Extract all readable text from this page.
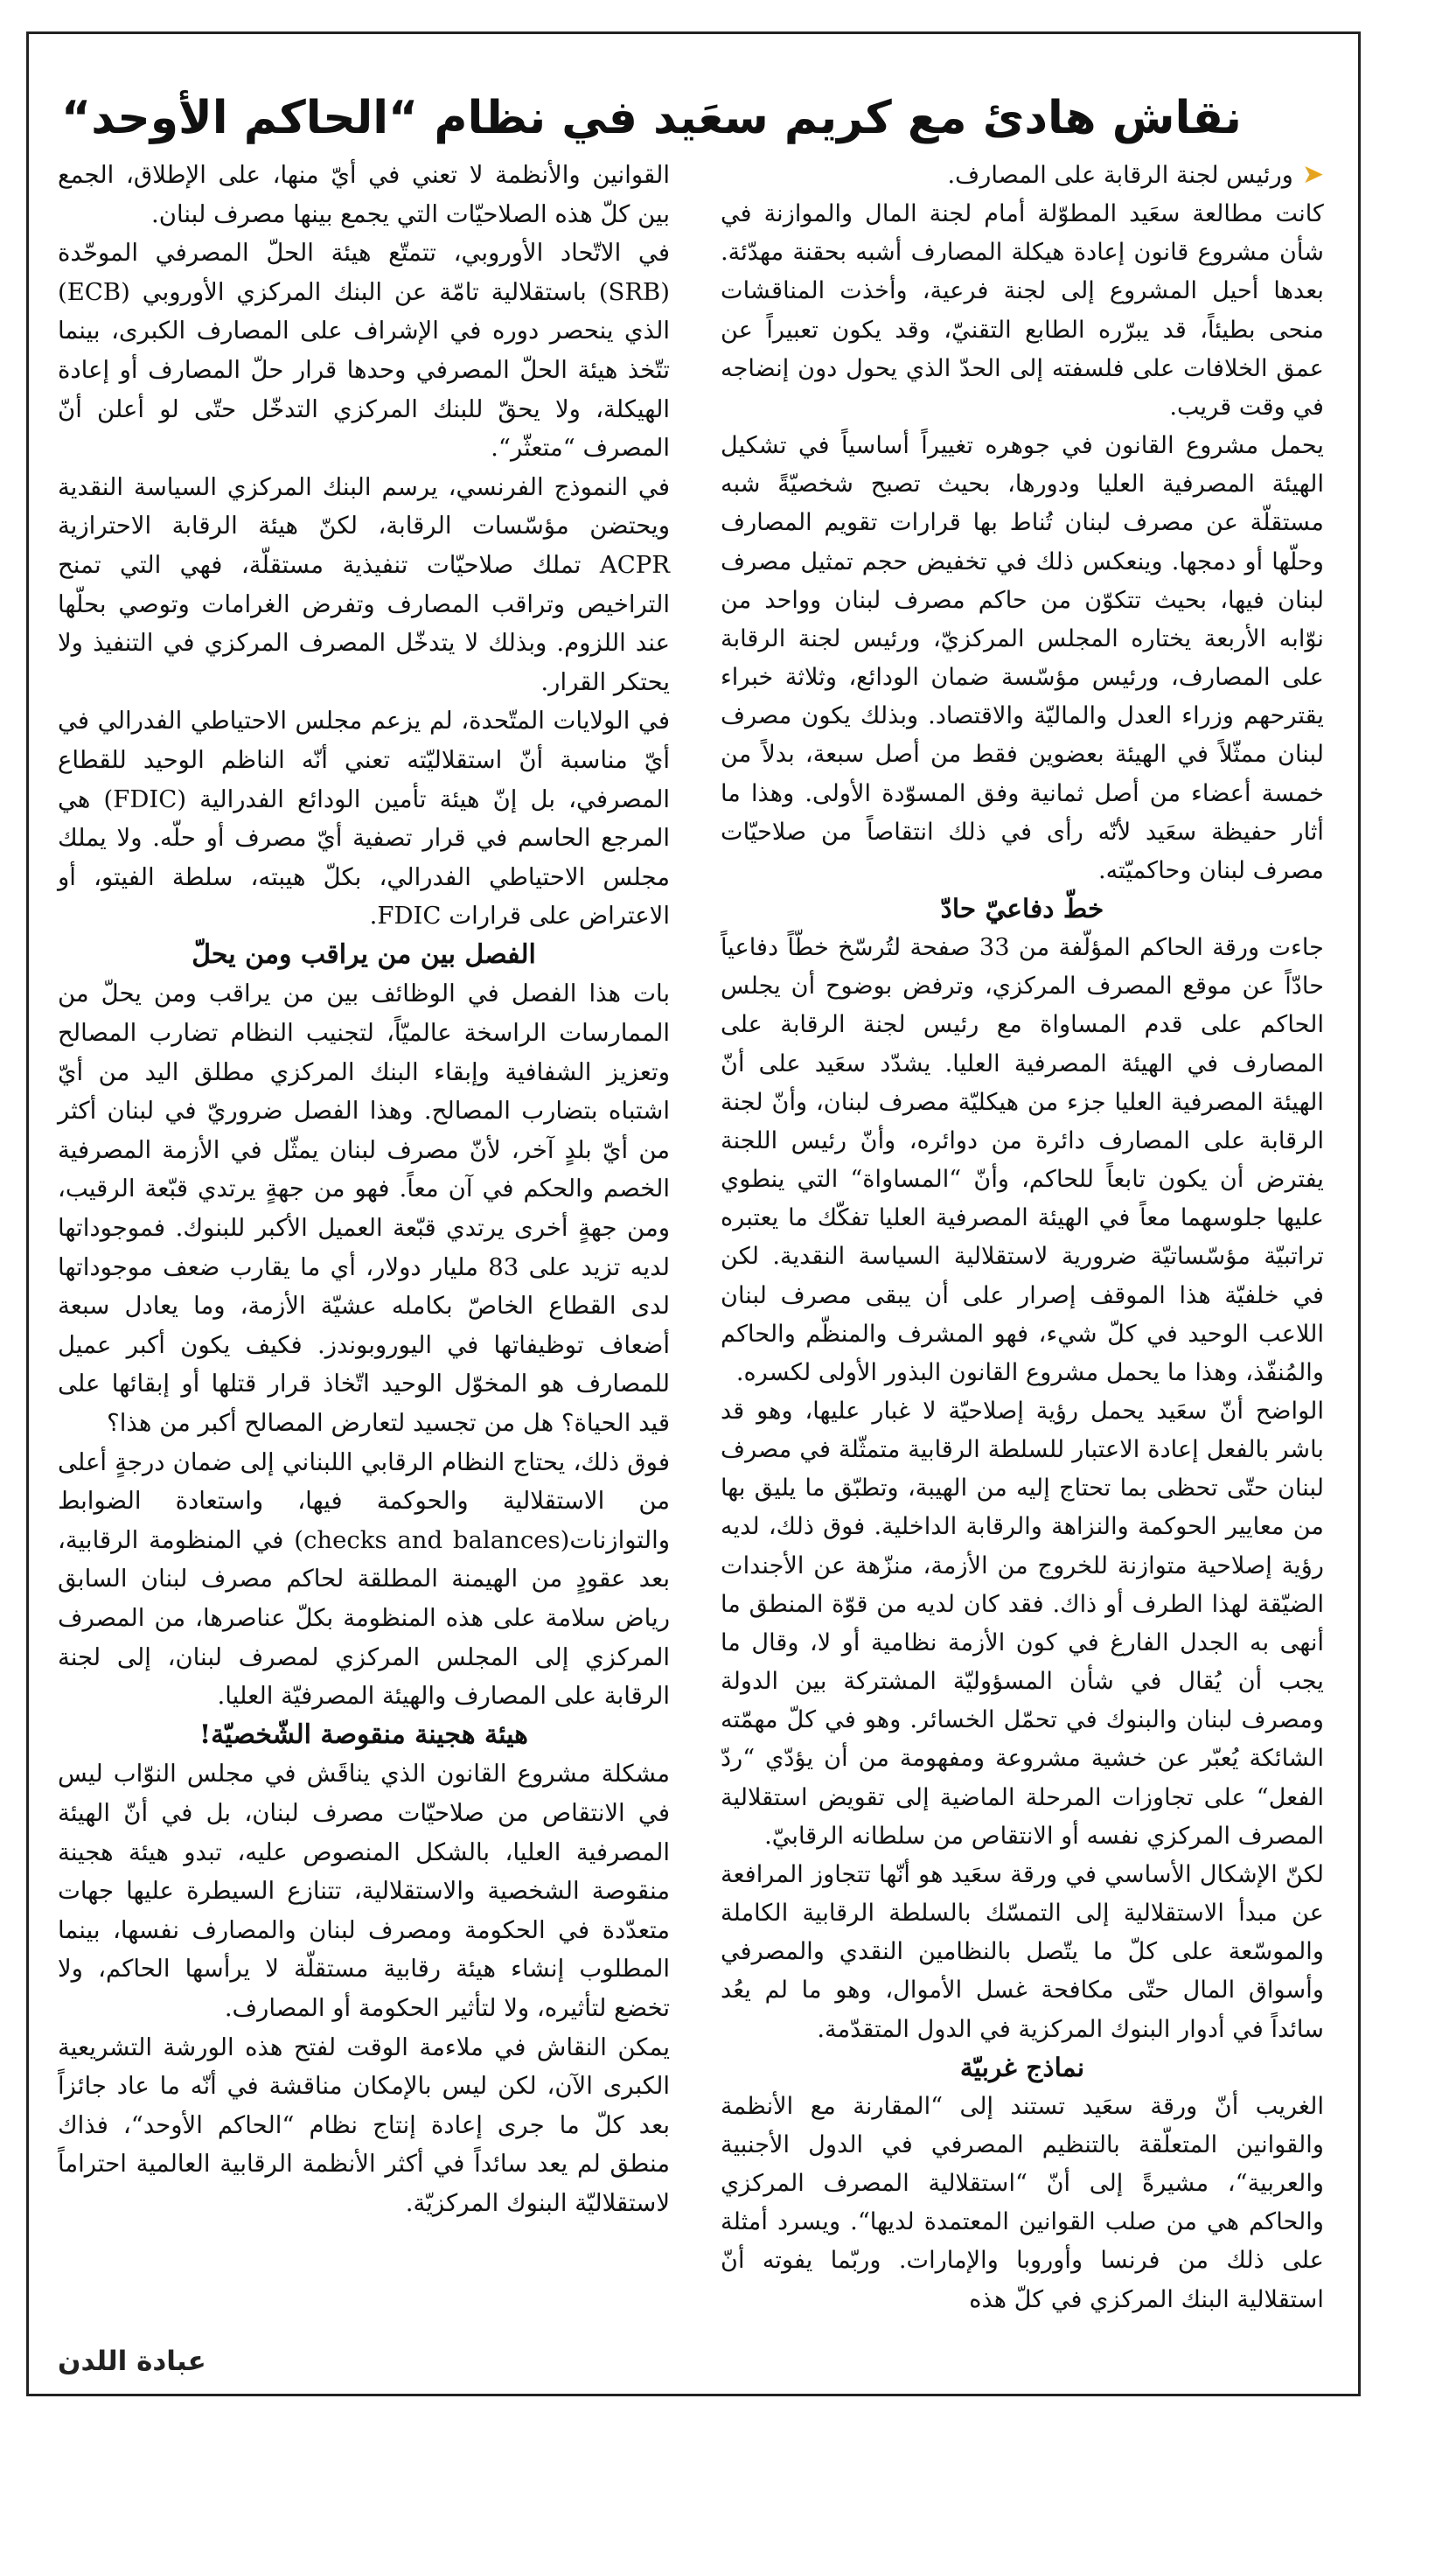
نقاش هادئ مع كريم سعَيد في نظام “الحاكم الأوحد“

➤ورئيس لجنة الرقابة على المصارف.

كانت مطالعة سعَيد المطوّلة أمام لجنة المال والموازنة في شأن مشروع قانون إعادة هيكلة المصارف أشبه بحقنة مهدّئة. بعدها أحيل المشروع إلى لجنة فرعية، وأخذت المناقشات منحى بطيئاً، قد يبرّره الطابع التقنيّ، وقد يكون تعبيراً عن عمق الخلافات على فلسفته إلى الحدّ الذي يحول دون إنضاجه في وقت قريب.

يحمل مشروع القانون في جوهره تغييراً أساسياً في تشكيل الهيئة المصرفية العليا ودورها، بحيث تصبح شخصيّةً شبه مستقلّة عن مصرف لبنان تُناط بها قرارات تقويم المصارف وحلّها أو دمجها. وينعكس ذلك في تخفيض حجم تمثيل مصرف لبنان فيها، بحيث تتكوّن من حاكم مصرف لبنان وواحد من نوّابه الأربعة يختاره المجلس المركزيّ، ورئيس لجنة الرقابة على المصارف، ورئيس مؤسّسة ضمان الودائع، وثلاثة خبراء يقترحهم وزراء العدل والماليّة والاقتصاد. وبذلك يكون مصرف لبنان ممثّلاً في الهيئة بعضوين فقط من أصل سبعة، بدلاً من خمسة أعضاء من أصل ثمانية وفق المسوّدة الأولى. وهذا ما أثار حفيظة سعَيد لأنّه رأى في ذلك انتقاصاً من صلاحيّات مصرف لبنان وحاكميّته.

خطّ دفاعيّ حادّ

جاءت ورقة الحاكم المؤلّفة من 33 صفحة لتُرسّخ خطّاً دفاعياً حادّاً عن موقع المصرف المركزي، وترفض بوضوح أن يجلس الحاكم على قدم المساواة مع رئيس لجنة الرقابة على المصارف في الهيئة المصرفية العليا. يشدّد سعَيد على أنّ الهيئة المصرفية العليا جزء من هيكليّة مصرف لبنان، وأنّ لجنة الرقابة على المصارف دائرة من دوائره، وأنّ رئيس اللجنة يفترض أن يكون تابعاً للحاكم، وأنّ “المساواة“ التي ينطوي عليها جلوسهما معاً في الهيئة المصرفية العليا تفكّك ما يعتبره تراتبيّة مؤسّساتيّة ضرورية لاستقلالية السياسة النقدية. لكن في خلفيّة هذا الموقف إصرار على أن يبقى مصرف لبنان اللاعب الوحيد في كلّ شيء، فهو المشرف والمنظّم والحاكم والمُنفّذ، وهذا ما يحمل مشروع القانون البذور الأولى لكسره.

الواضح أنّ سعَيد يحمل رؤية إصلاحيّة لا غبار عليها، وهو قد باشر بالفعل إعادة الاعتبار للسلطة الرقابية متمثّلة في مصرف لبنان حتّى تحظى بما تحتاج إليه من الهيبة، وتطبّق ما يليق بها من معايير الحوكمة والنزاهة والرقابة الداخلية. فوق ذلك، لديه رؤية إصلاحية متوازنة للخروج من الأزمة، منزّهة عن الأجندات الضيّقة لهذا الطرف أو ذاك. فقد كان لديه من قوّة المنطق ما أنهى به الجدل الفارغ في كون الأزمة نظامية أو لا، وقال ما يجب أن يُقال في شأن المسؤوليّة المشتركة بين الدولة ومصرف لبنان والبنوك في تحمّل الخسائر. وهو في كلّ مهمّته الشائكة يُعبّر عن خشية مشروعة ومفهومة من أن يؤدّي “ردّ الفعل“ على تجاوزات المرحلة الماضية إلى تقويض استقلالية المصرف المركزي نفسه أو الانتقاص من سلطانه الرقابيّ.

لكنّ الإشكال الأساسي في ورقة سعَيد هو أنّها تتجاوز المرافعة عن مبدأ الاستقلالية إلى التمسّك بالسلطة الرقابية الكاملة والموسّعة على كلّ ما يتّصل بالنظامين النقدي والمصرفي وأسواق المال حتّى مكافحة غسل الأموال، وهو ما لم يعُد سائداً في أدوار البنوك المركزية في الدول المتقدّمة.

نماذج غربيّة

الغريب أنّ ورقة سعَيد تستند إلى “المقارنة مع الأنظمة والقوانين المتعلّقة بالتنظيم المصرفي في الدول الأجنبية والعربية“، مشيرةً إلى أنّ “استقلالية المصرف المركزي والحاكم هي من صلب القوانين المعتمدة لديها“. ويسرد أمثلة على ذلك من فرنسا وأوروبا والإمارات. وربّما يفوته أنّ استقلالية البنك المركزي في كلّ هذه

القوانين والأنظمة لا تعني في أيّ منها، على الإطلاق، الجمع بين كلّ هذه الصلاحيّات التي يجمع بينها مصرف لبنان.

في الاتّحاد الأوروبي، تتمتّع هيئة الحلّ المصرفي الموحّدة (SRB) باستقلالية تامّة عن البنك المركزي الأوروبي (ECB) الذي ينحصر دوره في الإشراف على المصارف الكبرى، بينما تتّخذ هيئة الحلّ المصرفي وحدها قرار حلّ المصارف أو إعادة الهيكلة، ولا يحقّ للبنك المركزي التدخّل حتّى لو أعلن أنّ المصرف “متعثّر“.

في النموذج الفرنسي، يرسم البنك المركزي السياسة النقدية ويحتضن مؤسّسات الرقابة، لكنّ هيئة الرقابة الاحترازية ACPR تملك صلاحيّات تنفيذية مستقلّة، فهي التي تمنح التراخيص وتراقب المصارف وتفرض الغرامات وتوصي بحلّها عند اللزوم. وبذلك لا يتدخّل المصرف المركزي في التنفيذ ولا يحتكر القرار.

في الولايات المتّحدة، لم يزعم مجلس الاحتياطي الفدرالي في أيّ مناسبة أنّ استقلاليّته تعني أنّه الناظم الوحيد للقطاع المصرفي، بل إنّ هيئة تأمين الودائع الفدرالية (FDIC) هي المرجع الحاسم في قرار تصفية أيّ مصرف أو حلّه. ولا يملك مجلس الاحتياطي الفدرالي، بكلّ هيبته، سلطة الفيتو، أو الاعتراض على قرارات FDIC.

الفصل بين من يراقب ومن يحلّ

بات هذا الفصل في الوظائف بين من يراقب ومن يحلّ من الممارسات الراسخة عالميّاً، لتجنيب النظام تضارب المصالح وتعزيز الشفافية وإبقاء البنك المركزي مطلق اليد من أيّ اشتباه بتضارب المصالح. وهذا الفصل ضروريّ في لبنان أكثر من أيّ بلدٍ آخر، لأنّ مصرف لبنان يمثّل في الأزمة المصرفية الخصم والحكم في آن معاً. فهو من جهةٍ يرتدي قبّعة الرقيب، ومن جهةٍ أخرى يرتدي قبّعة العميل الأكبر للبنوك. فموجوداتها لديه تزيد على 83 مليار دولار، أي ما يقارب ضعف موجوداتها لدى القطاع الخاصّ بكامله عشيّة الأزمة، وما يعادل سبعة أضعاف توظيفاتها في اليوروبوندز. فكيف يكون أكبر عميل للمصارف هو المخوّل الوحيد اتّخاذ قرار قتلها أو إبقائها على قيد الحياة؟ هل من تجسيد لتعارض المصالح أكبر من هذا؟

فوق ذلك، يحتاج النظام الرقابي اللبناني إلى ضمان درجةٍ أعلى من الاستقلالية والحوكمة فيها، واستعادة الضوابط والتوازنات(checks and balances) في المنظومة الرقابية، بعد عقودٍ من الهيمنة المطلقة لحاكم مصرف لبنان السابق رياض سلامة على هذه المنظومة بكلّ عناصرها، من المصرف المركزي إلى المجلس المركزي لمصرف لبنان، إلى لجنة الرقابة على المصارف والهيئة المصرفيّة العليا.

هيئة هجينة منقوصة الشّخصيّة!

مشكلة مشروع القانون الذي يناقَش في مجلس النوّاب ليس في الانتقاص من صلاحيّات مصرف لبنان، بل في أنّ الهيئة المصرفية العليا، بالشكل المنصوص عليه، تبدو هيئة هجينة منقوصة الشخصية والاستقلالية، تتنازع السيطرة عليها جهات متعدّدة في الحكومة ومصرف لبنان والمصارف نفسها، بينما المطلوب إنشاء هيئة رقابية مستقلّة لا يرأسها الحاكم، ولا تخضع لتأثيره، ولا لتأثير الحكومة أو المصارف.

يمكن النقاش في ملاءمة الوقت لفتح هذه الورشة التشريعية الكبرى الآن، لكن ليس بالإمكان مناقشة في أنّه ما عاد جائزاً بعد كلّ ما جرى إعادة إنتاج نظام “الحاكم الأوحد“، فذاك منطق لم يعد سائداً في أكثر الأنظمة الرقابية العالمية احتراماً لاستقلاليّة البنوك المركزيّة.

عبادة اللدن
